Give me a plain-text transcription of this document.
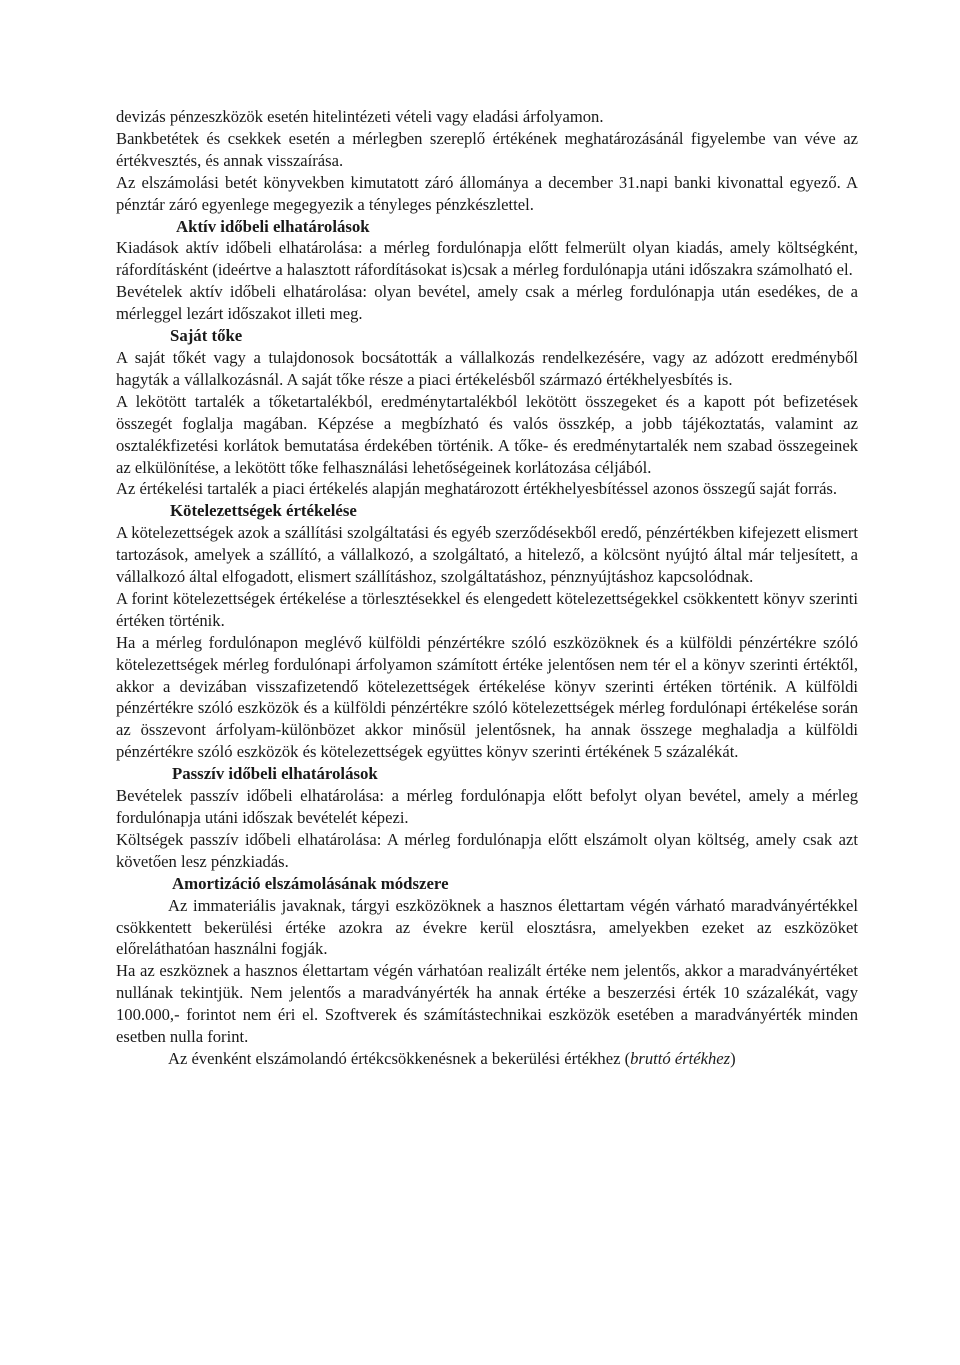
devizás pénzeszközök esetén hitelintézeti vételi vagy eladási árfolyamon.

Bankbetétek és csekkek esetén a mérlegben szereplő értékének meghatározásánál figyelembe van véve az értékvesztés, és annak visszaírása.

Az elszámolási betét könyvekben kimutatott záró állománya a december 31.napi banki kivonattal egyező. A pénztár záró egyenlege megegyezik a tényleges pénzkészlettel.

Aktív időbeli elhatárolások

Kiadások aktív időbeli elhatárolása: a mérleg fordulónapja előtt felmerült olyan kiadás, amely költségként, ráfordításként (ideértve a halasztott ráfordításokat is)csak a mérleg fordulónapja utáni időszakra számolható el.

Bevételek aktív időbeli elhatárolása: olyan bevétel, amely csak a mérleg fordulónapja után esedékes, de a mérleggel lezárt időszakot illeti meg.

Saját tőke

A saját tőkét vagy a tulajdonosok bocsátották a vállalkozás rendelkezésére, vagy az adózott eredményből hagyták a vállalkozásnál. A saját tőke része a piaci értékelésből származó értékhelyesbítés is.

A lekötött tartalék a tőketartalékból, eredménytartalékból lekötött összegeket és a kapott pót befizetések összegét foglalja magában. Képzése a megbízható és valós összkép, a jobb tájékoztatás, valamint az osztalékfizetési korlátok bemutatása érdekében történik. A tőke- és eredménytartalék nem szabad összegeinek az elkülönítése, a lekötött tőke felhasználási lehetőségeinek korlátozása céljából.

Az értékelési tartalék a piaci értékelés alapján meghatározott értékhelyesbítéssel azonos összegű saját forrás.

Kötelezettségek értékelése

A kötelezettségek azok a szállítási szolgáltatási és egyéb szerződésekből eredő, pénzértékben kifejezett elismert tartozások, amelyek a szállító, a vállalkozó, a szolgáltató, a hitelező, a kölcsönt nyújtó által már teljesített, a vállalkozó által elfogadott, elismert szállításhoz, szolgáltatáshoz, pénznyújtáshoz kapcsolódnak.

A forint kötelezettségek értékelése a törlesztésekkel és elengedett kötelezettségekkel csökkentett könyv szerinti értéken történik.

Ha a mérleg fordulónapon meglévő külföldi pénzértékre szóló eszközöknek és a külföldi pénzértékre szóló kötelezettségek mérleg fordulónapi árfolyamon számított értéke jelentősen nem tér el a könyv szerinti értéktől, akkor a devizában visszafizetendő kötelezettségek értékelése könyv szerinti értéken történik. A külföldi pénzértékre szóló eszközök és a külföldi pénzértékre szóló kötelezettségek mérleg fordulónapi értékelése során az összevont árfolyam-különbözet akkor minősül jelentősnek, ha annak összege meghaladja a külföldi pénzértékre szóló eszközök és kötelezettségek együttes könyv szerinti értékének 5 százalékát.

Passzív időbeli elhatárolások

Bevételek passzív időbeli elhatárolása: a mérleg fordulónapja előtt befolyt olyan bevétel, amely a mérleg fordulónapja utáni időszak bevételét képezi.

Költségek passzív időbeli elhatárolása: A mérleg fordulónapja előtt elszámolt olyan költség, amely csak azt követően lesz pénzkiadás.

Amortizáció elszámolásának módszere

Az immateriális javaknak, tárgyi eszközöknek a hasznos élettartam végén várható maradványértékkel csökkentett bekerülési értéke azokra az évekre kerül elosztásra, amelyekben ezeket az eszközöket előreláthatóan használni fogják.

Ha az eszköznek a hasznos élettartam végén várhatóan realizált értéke nem jelentős, akkor a maradványértéket nullának tekintjük. Nem jelentős a maradványérték ha annak értéke a beszerzési érték 10 százalékát, vagy 100.000,- forintot nem éri el. Szoftverek és számítástechnikai eszközök esetében a maradványérték minden esetben nulla forint.

Az évenként elszámolandó értékcsökkenésnek a bekerülési értékhez (bruttó értékhez)
